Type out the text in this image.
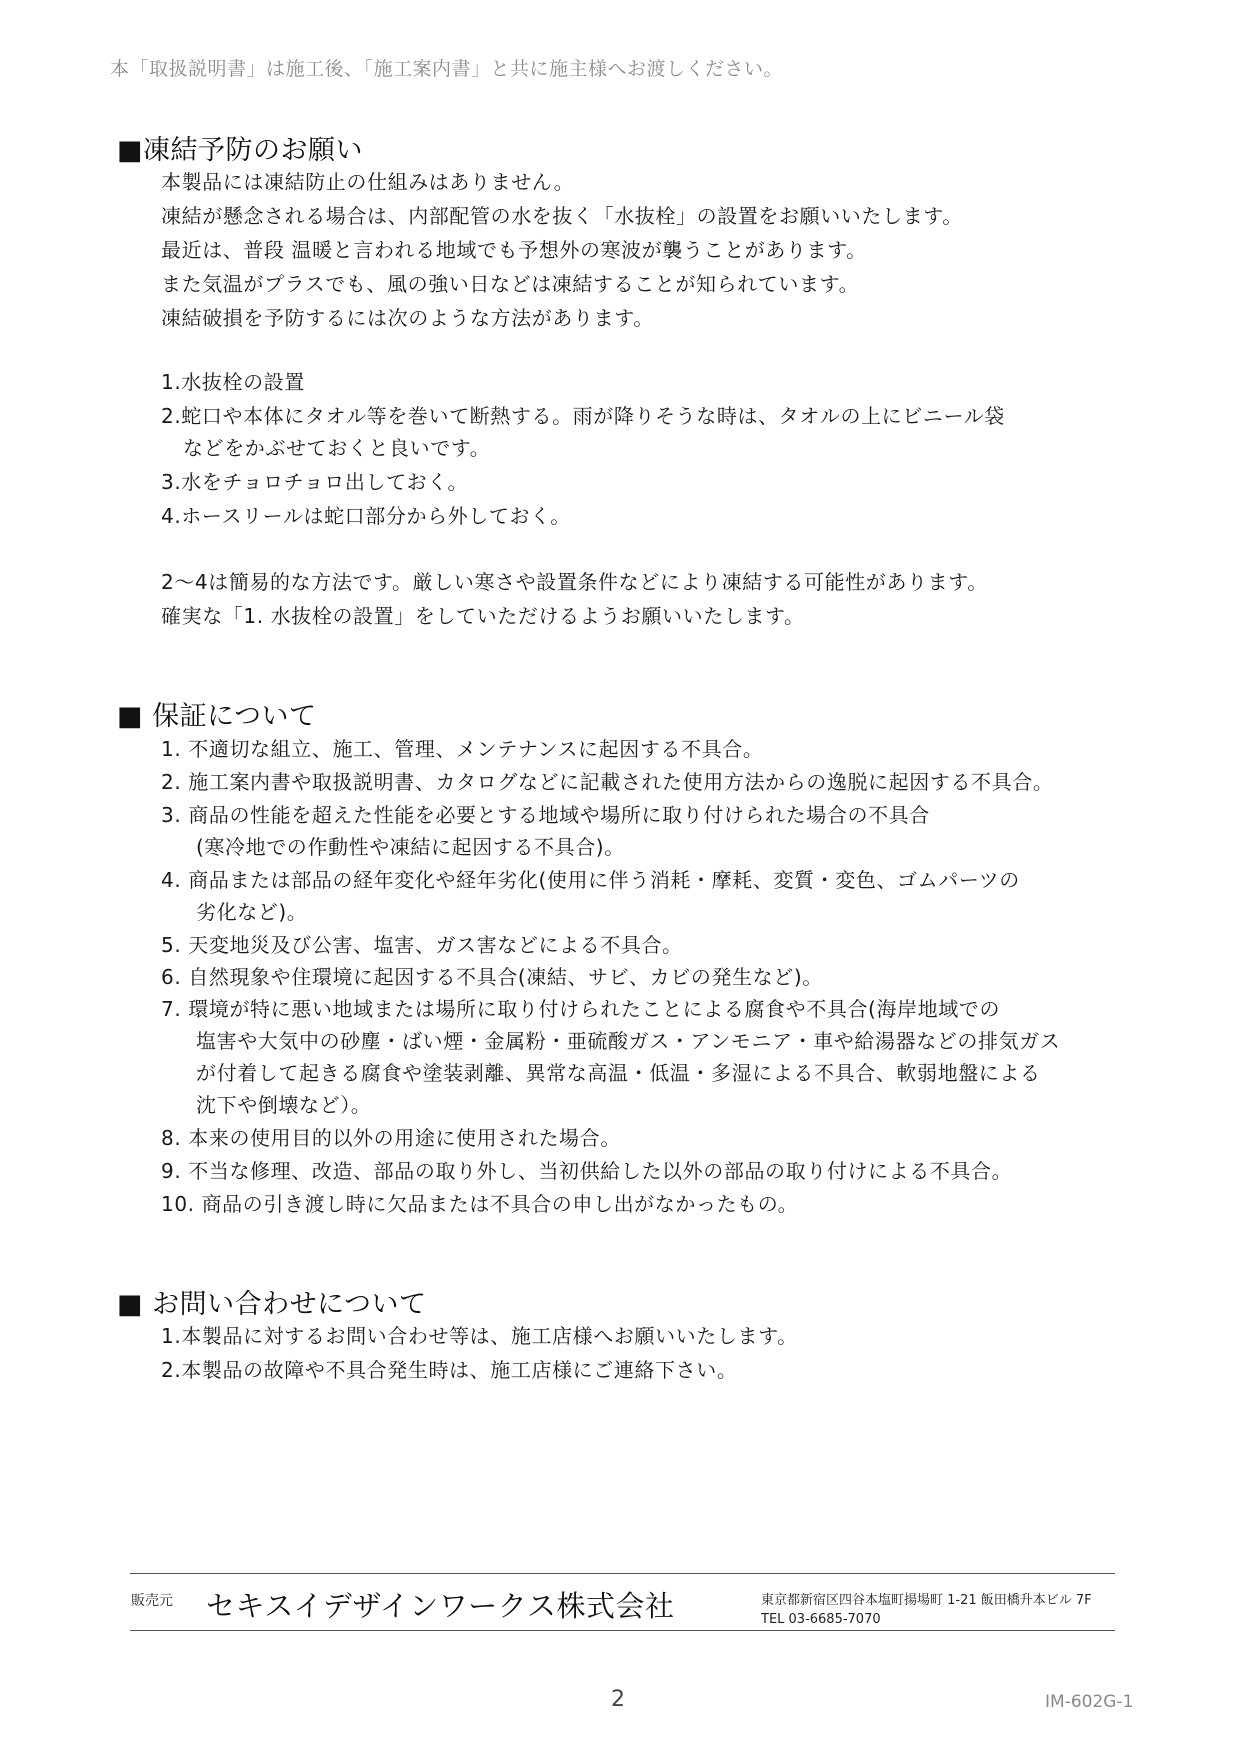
本「取扱説明書」は施工後、「施工案内書」と共に施主様へお渡しください。
■凍結予防のお願い
本製品には凍結防止の仕組みはありません。
凍結が懸念される場合は、内部配管の水を抜く「水抜栓」の設置をお願いいたします。
最近は、普段 温暖と言われる地域でも予想外の寒波が襲うことがあります。
また気温がプラスでも、風の強い日などは凍結することが知られています。
凍結破損を予防するには次のような方法があります。
1.水抜栓の設置
2.蛇口や本体にタオル等を巻いて断熱する。雨が降りそうな時は、タオルの上にビニール袋
などをかぶせておくと良いです。
3.水をチョロチョロ出しておく。
4.ホースリールは蛇口部分から外しておく。
2～4は簡易的な方法です。厳しい寒さや設置条件などにより凍結する可能性があります。
確実な「1. 水抜栓の設置」をしていただけるようお願いいたします。
■ 保証について
1. 不適切な組立、施工、管理、メンテナンスに起因する不具合。
2. 施工案内書や取扱説明書、カタログなどに記載された使用方法からの逸脱に起因する不具合。
3. 商品の性能を超えた性能を必要とする地域や場所に取り付けられた場合の不具合
(寒冷地での作動性や凍結に起因する不具合)。
4. 商品または部品の経年変化や経年劣化(使用に伴う消耗・摩耗、変質・変色、ゴムパーツの
劣化など)。
5. 天変地災及び公害、塩害、ガス害などによる不具合。
6. 自然現象や住環境に起因する不具合(凍結、サビ、カビの発生など)。
7. 環境が特に悪い地域または場所に取り付けられたことによる腐食や不具合(海岸地域での
塩害や大気中の砂塵・ばい煙・金属粉・亜硫酸ガス・アンモニア・車や給湯器などの排気ガス
が付着して起きる腐食や塗装剥離、異常な高温・低温・多湿による不具合、軟弱地盤による
沈下や倒壊など）。
8. 本来の使用目的以外の用途に使用された場合。
9. 不当な修理、改造、部品の取り外し、当初供給した以外の部品の取り付けによる不具合。
10. 商品の引き渡し時に欠品または不具合の申し出がなかったもの。
■ お問い合わせについて
1.本製品に対するお問い合わせ等は、施工店様へお願いいたします。
2.本製品の故障や不具合発生時は、施工店様にご連絡下さい。
販売元 セキスイデザインワークス株式会社	東京都新宿区四谷本塩町揚場町 1-21 飯田橋升本ビル 7F
TEL 03-6685-7070
2	IM-602G-1
